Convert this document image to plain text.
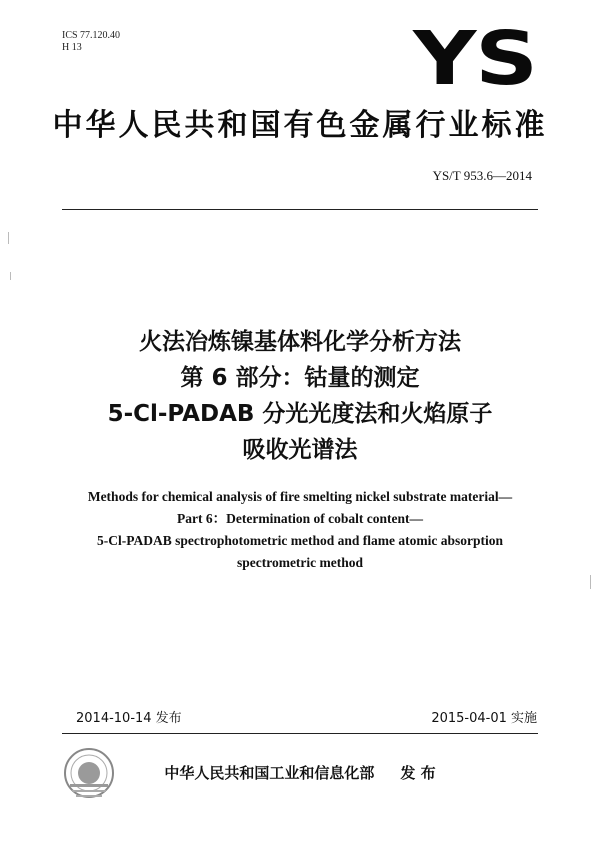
ICS 77.120.40
H 13	YS
中华人民共和国有色金属行业标准
YS/T 953.6—2014
火法冶炼镍基体料化学分析方法
第 6 部分：钴量的测定
5-Cl-PADAB 分光光度法和火焰原子
吸收光谱法
Methods for chemical analysis of fire smelting nickel substrate material—
Part 6：Determination of cobalt content—
5-Cl-PADAB spectrophotometric method and flame atomic absorption
spectrometric method
2014-10-14 发布	2015-04-01 实施
中华人民共和国工业和信息化部 发 布
